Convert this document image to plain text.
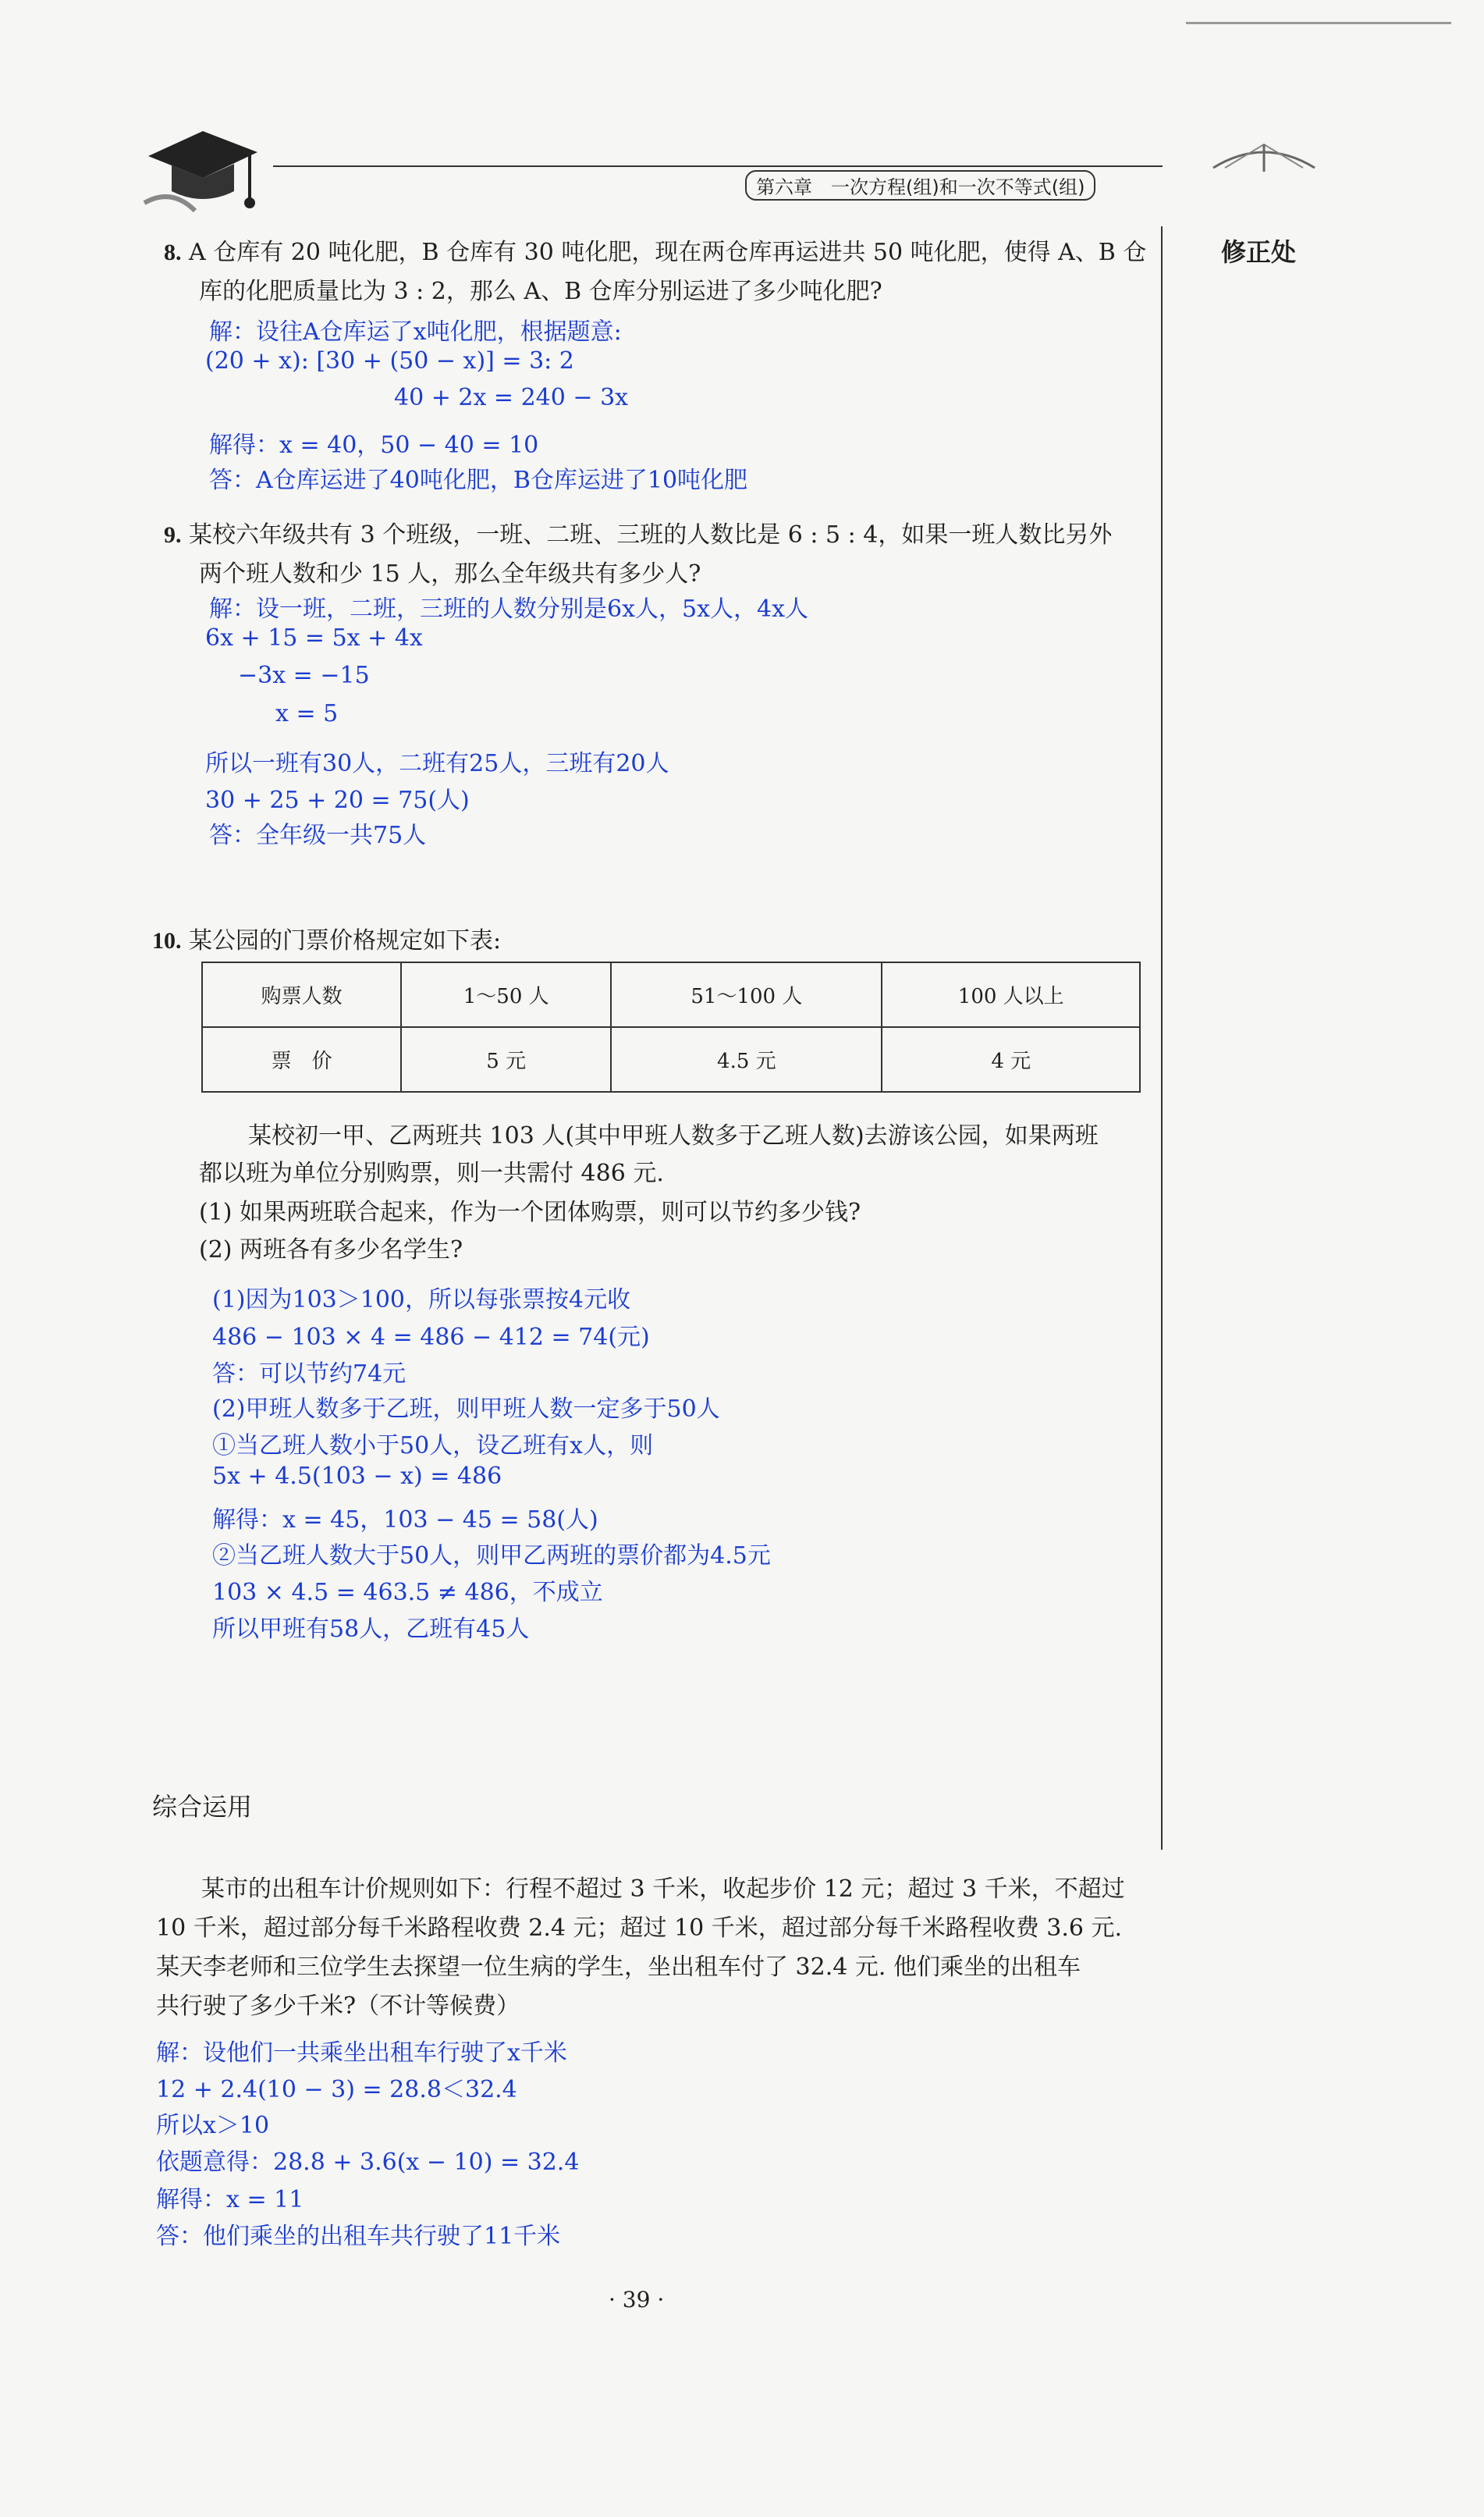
第六章　一次方程(组)和一次不等式(组)
修正处
8. A 仓库有 20 吨化肥，B 仓库有 30 吨化肥，现在两仓库再运进共 50 吨化肥，使得 A、B 仓
库的化肥质量比为 3 : 2，那么 A、B 仓库分别运进了多少吨化肥?
解：设往A仓库运了x吨化肥，根据题意:
(20 + x): [30 + (50 − x)] = 3: 2
40 + 2x = 240 − 3x
解得：x = 40，50 − 40 = 10
答：A仓库运进了40吨化肥，B仓库运进了10吨化肥
9. 某校六年级共有 3 个班级，一班、二班、三班的人数比是 6 : 5 : 4，如果一班人数比另外
两个班人数和少 15 人，那么全年级共有多少人?
解：设一班，二班，三班的人数分别是6x人，5x人，4x人
6x + 15 = 5x + 4x
−3x = −15
x = 5
所以一班有30人，二班有25人，三班有20人
30 + 25 + 20 = 75(人)
答：全年级一共75人
10. 某公园的门票价格规定如下表:
购票人数	1～50 人	51～100 人	100 人以上
票　价	5 元	4.5 元	4 元
某校初一甲、乙两班共 103 人(其中甲班人数多于乙班人数)去游该公园，如果两班
都以班为单位分别购票，则一共需付 486 元.
(1) 如果两班联合起来，作为一个团体购票，则可以节约多少钱?
(2) 两班各有多少名学生?
(1)因为103＞100，所以每张票按4元收
486 − 103 × 4 = 486 − 412 = 74(元)
答：可以节约74元
(2)甲班人数多于乙班，则甲班人数一定多于50人
①当乙班人数小于50人，设乙班有x人，则
5x + 4.5(103 − x) = 486
解得：x = 45，103 − 45 = 58(人)
②当乙班人数大于50人，则甲乙两班的票价都为4.5元
103 × 4.5 = 463.5 ≠ 486，不成立
所以甲班有58人，乙班有45人
综合运用
某市的出租车计价规则如下：行程不超过 3 千米，收起步价 12 元；超过 3 千米，不超过
10 千米，超过部分每千米路程收费 2.4 元；超过 10 千米，超过部分每千米路程收费 3.6 元.
某天李老师和三位学生去探望一位生病的学生，坐出租车付了 32.4 元. 他们乘坐的出租车
共行驶了多少千米?（不计等候费）
解：设他们一共乘坐出租车行驶了x千米
12 + 2.4(10 − 3) = 28.8＜32.4
所以x＞10
依题意得：28.8 + 3.6(x − 10) = 32.4
解得：x = 11
答：他们乘坐的出租车共行驶了11千米
· 39 ·
